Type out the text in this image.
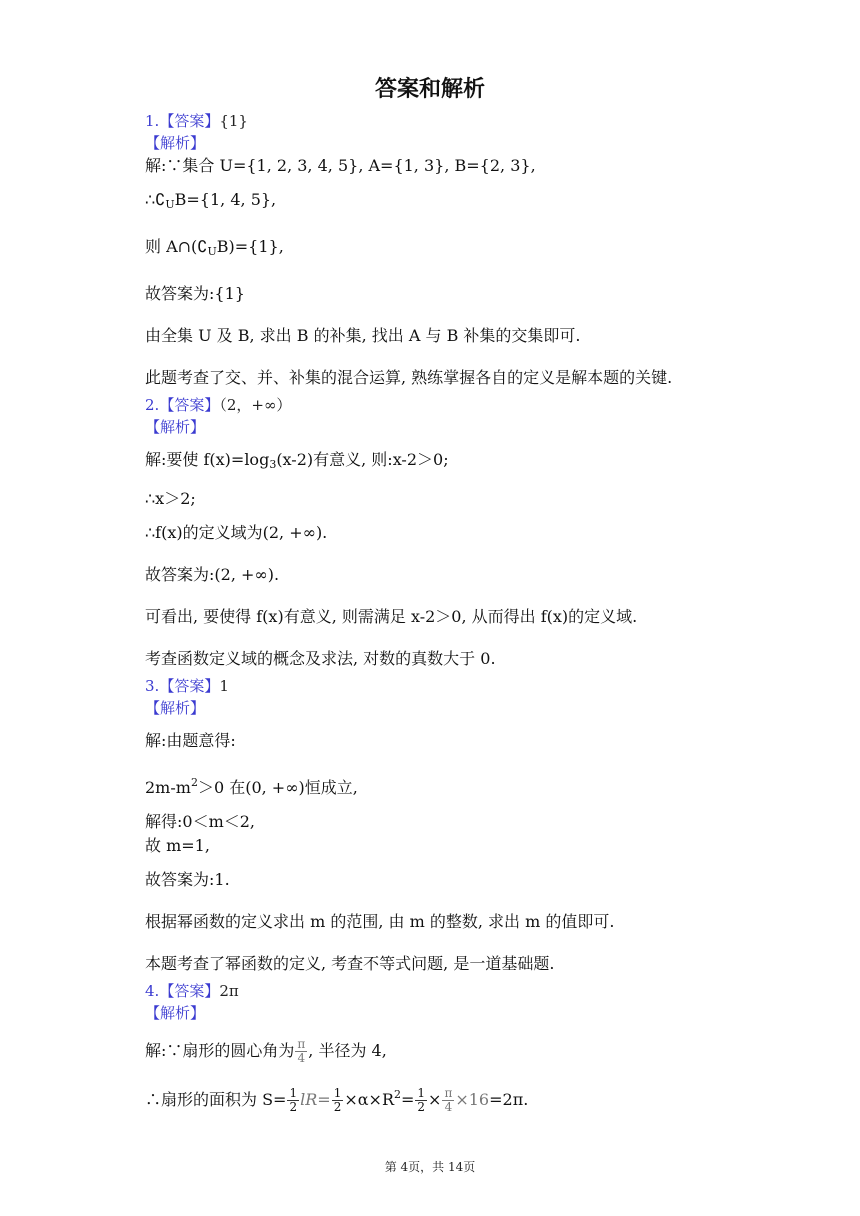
答案和解析
1.【答案】{1}
【解析】
解:∵集合 U={1, 2, 3, 4, 5}, A={1, 3}, B={2, 3},
$\therefore∁_UB=\{1$, 4, 5},
则 $A\cap(∁_UB)=\{1\}$,
故答案为:{1}
由全集 U 及 B, 求出 B 的补集, 找出 A 与 B 补集的交集即可.
此题考查了交、并、补集的混合运算, 熟练掌握各自的定义是解本题的关键.
2.【答案】（2，+∞）
【解析】
解:要使 $f(x)=\log_3(x-2)$有意义, 则:x-2＞0;
∴x＞2;
∴f(x)的定义域为(2, +∞).
故答案为:(2, +∞).
可看出, 要使得 f(x)有意义, 则需满足 x-2＞0, 从而得出 f(x)的定义域.
考查函数定义域的概念及求法, 对数的真数大于 0.
3.【答案】1
【解析】
解:由题意得:
$2m-m^2>0$ 在(0, +∞)恒成立,
解得:0＜m＜2,
故 m=1,
故答案为:1.
根据幂函数的定义求出 m 的范围, 由 m 的整数, 求出 m 的值即可.
本题考查了幂函数的定义, 考查不等式问题, 是一道基础题.
4.【答案】2π
【解析】
解:∵扇形的圆心角为 $\frac{\pi}{4}$ , 半径为 4,
∴扇形的面积为 $S= \frac{1}{2} lR= \frac{1}{2} \times\alpha\times R^2= \frac{1}{2} \times \frac{\pi}{4} \times 16=2\pi$.
第 4页，共 14页
